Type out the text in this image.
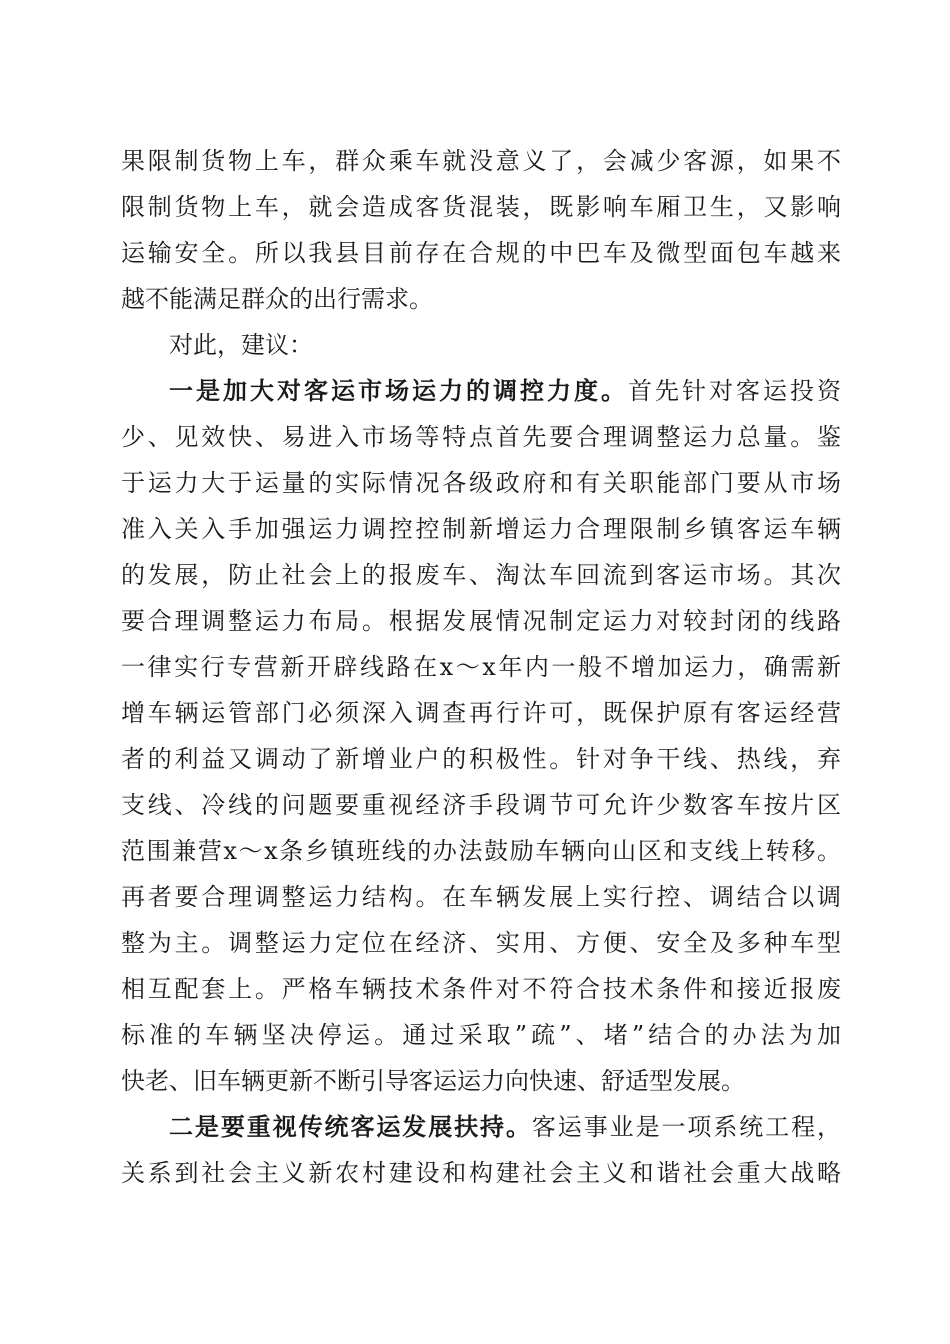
果限制货物上车，群众乘车就没意义了，会减少客源，如果不
限制货物上车，就会造成客货混装，既影响车厢卫生，又影响
运输安全。所以我县目前存在合规的中巴车及微型面包车越来
越不能满足群众的出行需求。
对此，建议：
一是加大对客运市场运力的调控力度。首先针对客运投资
少、见效快、易进入市场等特点首先要合理调整运力总量。鉴
于运力大于运量的实际情况各级政府和有关职能部门要从市场
准入关入手加强运力调控控制新增运力合理限制乡镇客运车辆
的发展，防止社会上的报废车、淘汰车回流到客运市场。其次
要合理调整运力布局。根据发展情况制定运力对较封闭的线路
一律实行专营新开辟线路在x～x年内一般不增加运力，确需新
增车辆运管部门必须深入调查再行许可，既保护原有客运经营
者的利益又调动了新增业户的积极性。针对争干线、热线，弃
支线、冷线的问题要重视经济手段调节可允许少数客车按片区
范围兼营x～x条乡镇班线的办法鼓励车辆向山区和支线上转移。
再者要合理调整运力结构。在车辆发展上实行控、调结合以调
整为主。调整运力定位在经济、实用、方便、安全及多种车型
相互配套上。严格车辆技术条件对不符合技术条件和接近报废
标准的车辆坚决停运。通过采取”疏”、堵”结合的办法为加
快老、旧车辆更新不断引导客运运力向快速、舒适型发展。
二是要重视传统客运发展扶持。客运事业是一项系统工程，
关系到社会主义新农村建设和构建社会主义和谐社会重大战略
